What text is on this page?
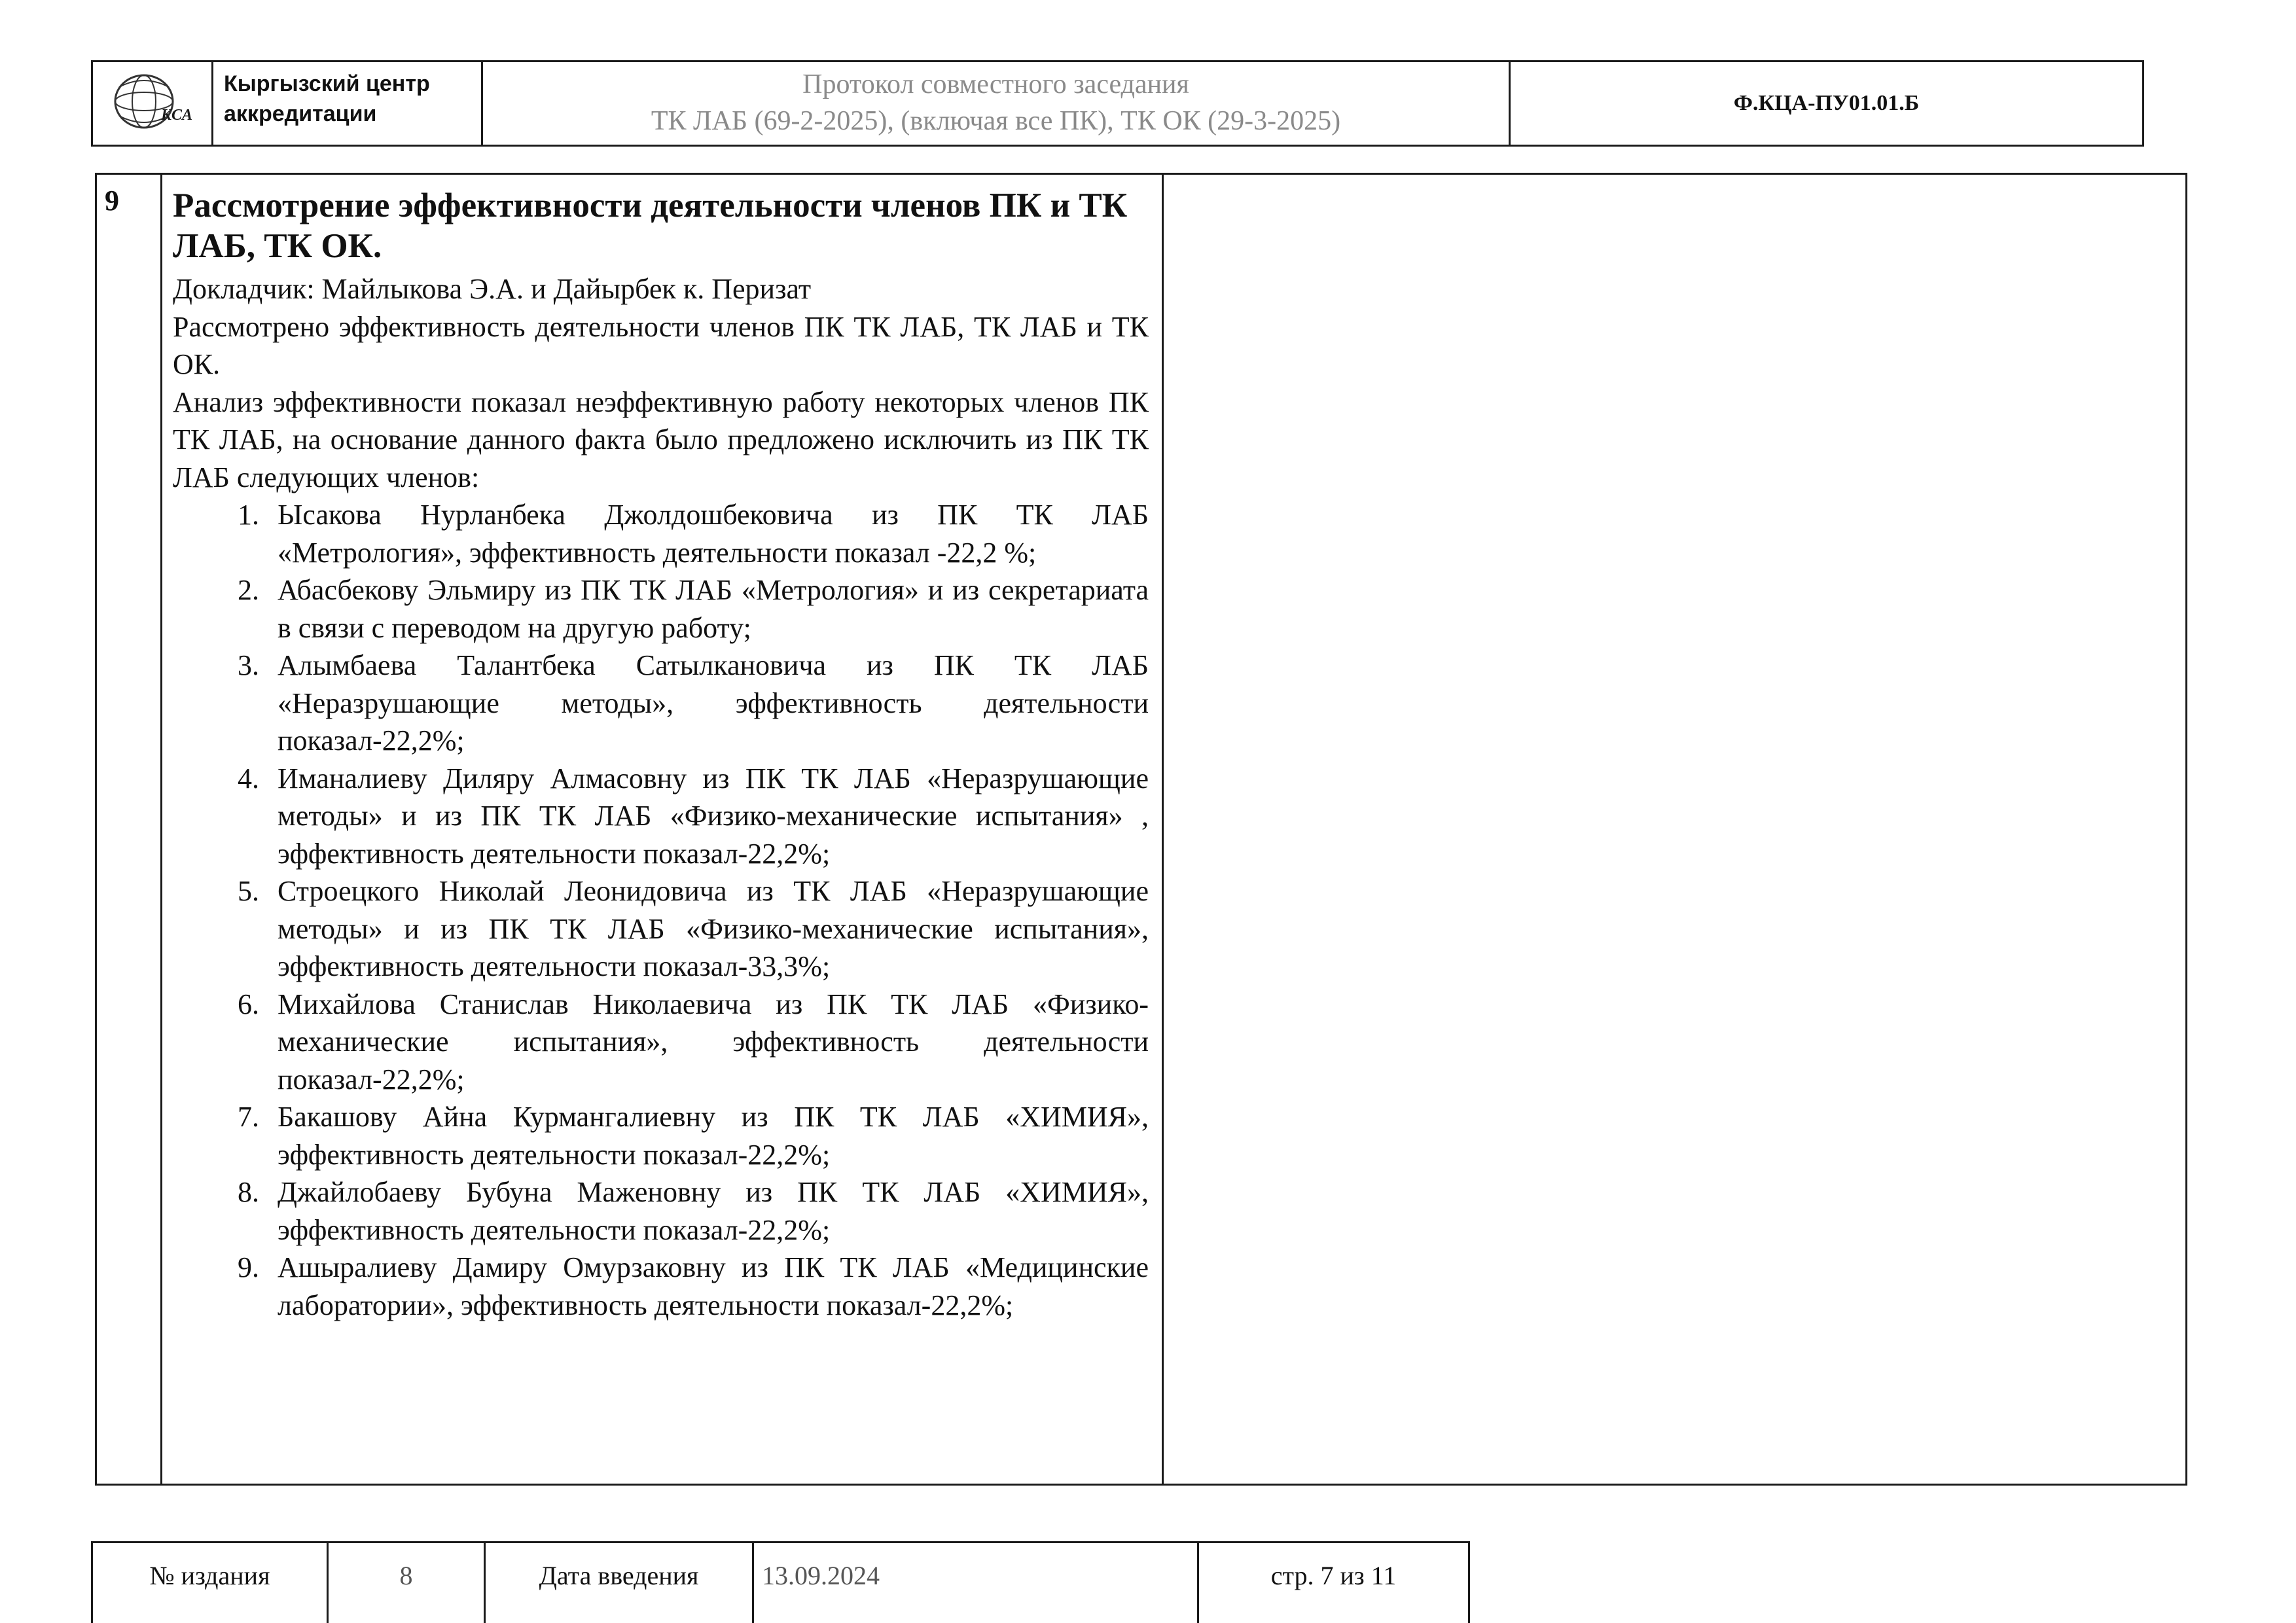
KCA
Кыргызский центр
аккредитации
Протокол совместного заседания
ТК ЛАБ (69-2-2025), (включая все ПК), ТК ОК (29-3-2025)
Ф.КЦА-ПУ01.01.Б
9	Рассмотрение эффективности деятельности членов ПК и ТК ЛАБ, ТК ОК.
Докладчик: Майлыкова Э.А. и Дайырбек к. Перизат
Рассмотрено эффективность деятельности членов ПК ТК ЛАБ, ТК ЛАБ и ТК ОК.
Анализ эффективности показал неэффективную работу некоторых членов ПК ТК ЛАБ, на основание данного факта было предложено исключить из ПК ТК ЛАБ следующих членов:
1. Ысакова Нурланбека Джолдошбековича из ПК ТК ЛАБ «Метрология», эффективность деятельности показал -22,2 %;
2. Абасбекову Эльмиру из ПК ТК ЛАБ «Метрология» и из секретариата в связи с переводом на другую работу;
3. Алымбаева Талантбека Сатылкановича из ПК ТК ЛАБ «Неразрушающие методы», эффективность деятельности показал-22,2%;
4. Иманалиеву Диляру Алмасовну из ПК ТК ЛАБ «Неразрушающие методы» и из ПК ТК ЛАБ «Физико-механические испытания» , эффективность деятельности показал-22,2%;
5. Строецкого Николай Леонидовича из ТК ЛАБ «Неразрушающие методы» и из ПК ТК ЛАБ «Физико-механические испытания», эффективность деятельности показал-33,3%;
6. Михайлова Станислав Николаевича из ПК ТК ЛАБ «Физико-механические испытания», эффективность деятельности показал-22,2%;
7. Бакашову Айна Курмангалиевну из ПК ТК ЛАБ «ХИМИЯ», эффективность деятельности показал-22,2%;
8. Джайлобаеву Бубуна Маженовну из ПК ТК ЛАБ «ХИМИЯ», эффективность деятельности показал-22,2%;
9. Ашыралиеву Дамиру Омурзаковну из ПК ТК ЛАБ «Медицинские лаборатории», эффективность деятельности показал-22,2%;
№ издания	8	Дата введения	13.09.2024	стр. 7 из 11
